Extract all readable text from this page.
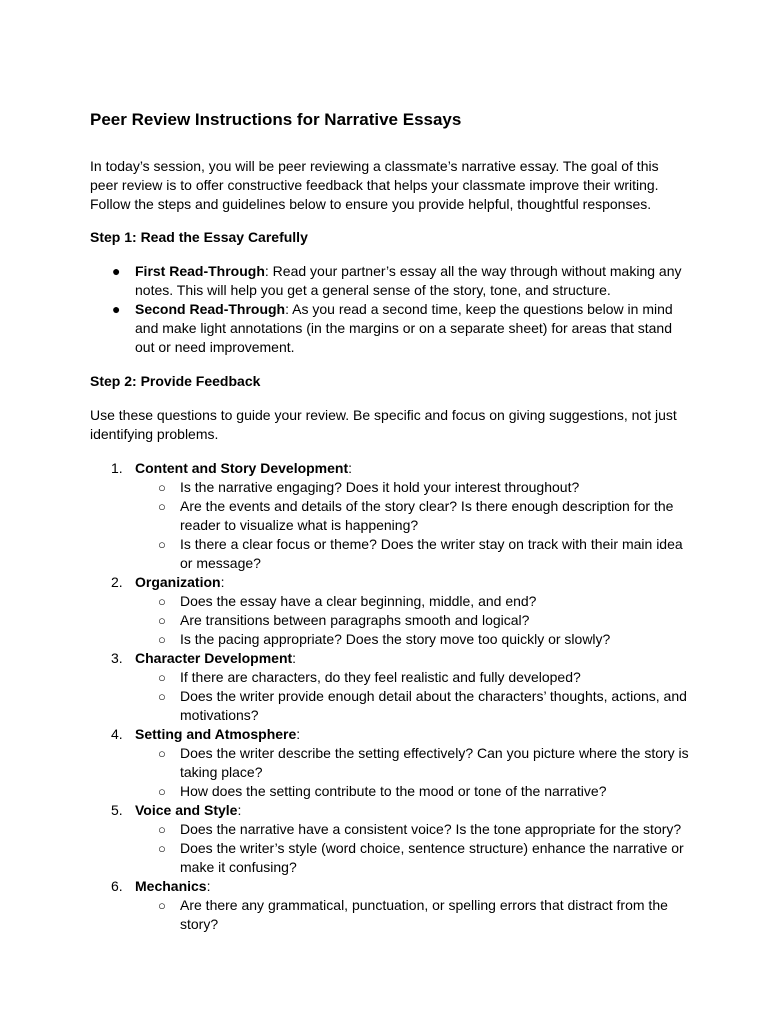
Peer Review Instructions for Narrative Essays
In today’s session, you will be peer reviewing a classmate’s narrative essay. The goal of this peer review is to offer constructive feedback that helps your classmate improve their writing. Follow the steps and guidelines below to ensure you provide helpful, thoughtful responses.
Step 1: Read the Essay Carefully
● First Read-Through: Read your partner’s essay all the way through without making any notes. This will help you get a general sense of the story, tone, and structure.
● Second Read-Through: As you read a second time, keep the questions below in mind and make light annotations (in the margins or on a separate sheet) for areas that stand out or need improvement.
Step 2: Provide Feedback
Use these questions to guide your review. Be specific and focus on giving suggestions, not just identifying problems.
1. Content and Story Development:
○ Is the narrative engaging? Does it hold your interest throughout?
○ Are the events and details of the story clear? Is there enough description for the reader to visualize what is happening?
○ Is there a clear focus or theme? Does the writer stay on track with their main idea or message?
2. Organization:
○ Does the essay have a clear beginning, middle, and end?
○ Are transitions between paragraphs smooth and logical?
○ Is the pacing appropriate? Does the story move too quickly or slowly?
3. Character Development:
○ If there are characters, do they feel realistic and fully developed?
○ Does the writer provide enough detail about the characters’ thoughts, actions, and motivations?
4. Setting and Atmosphere:
○ Does the writer describe the setting effectively? Can you picture where the story is taking place?
○ How does the setting contribute to the mood or tone of the narrative?
5. Voice and Style:
○ Does the narrative have a consistent voice? Is the tone appropriate for the story?
○ Does the writer’s style (word choice, sentence structure) enhance the narrative or make it confusing?
6. Mechanics:
○ Are there any grammatical, punctuation, or spelling errors that distract from the story?
